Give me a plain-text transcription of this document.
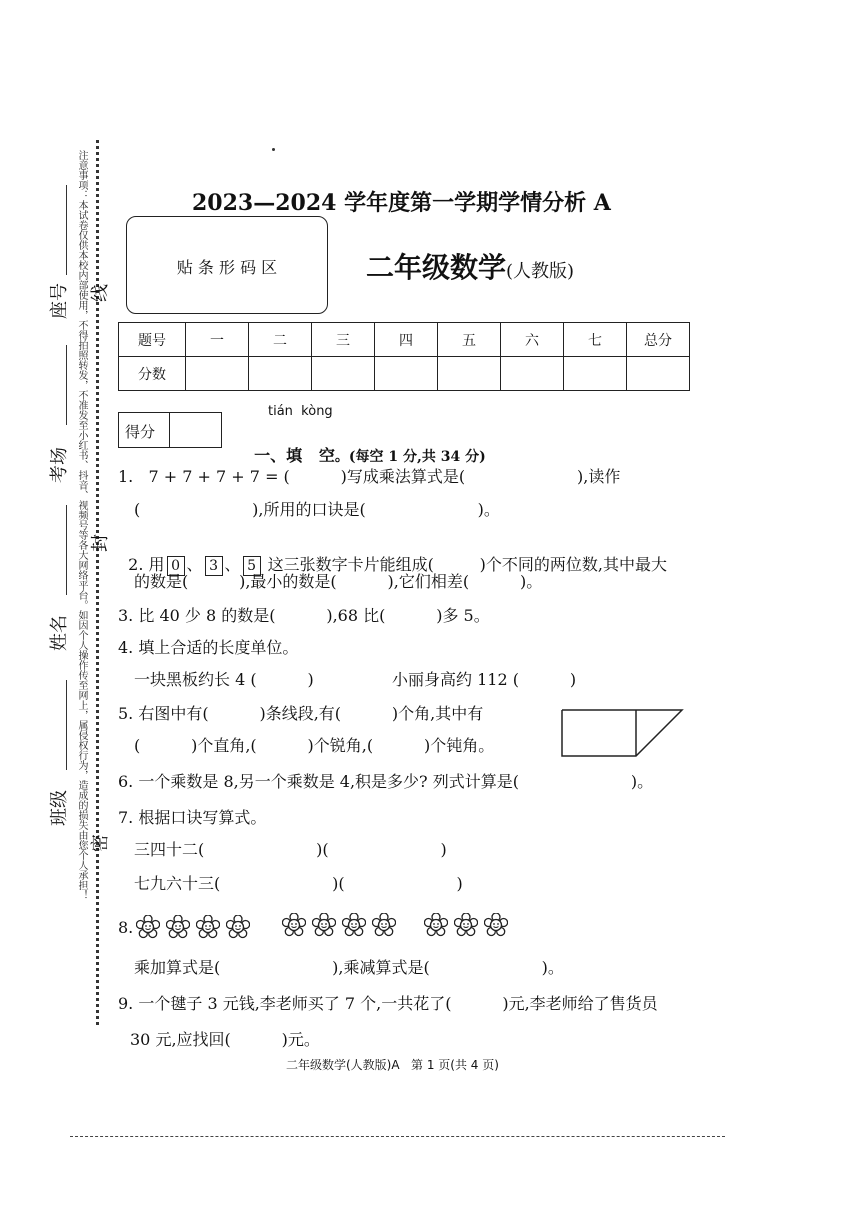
注意事项：本试卷仅供本校内部使用，不得拍照转发，不准发至小红书、抖音、视频号等各大网络平台。如因个人操作传至网上，属侵权行为，造成的损失由您个人承担！
座号 线
考场
封
姓名
班级
密
2023—2024 学年度第一学期学情分析 A
贴 条 形 码 区	二年级数学(人教版)
题号	一	二	三	四	五	六	七	总分
分数								
得分
tián  kòng

一、填   空。(每空 1 分,共 34 分)

1.   7 + 7 + 7 + 7 = (          )写成乘法算式是(                      ),读作
(                      ),所用的口诀是(                      )。

2. 用 0 、 3 、 5 这三张数字卡片能组成(         )个不同的两位数,其中最大

的数是(          ),最小的数是(          ),它们相差(          )。
3. 比 40 少 8 的数是(          ),68 比(          )多 5。
4. 填上合适的长度单位。
一块黑板约长 4 (          )	小丽身高约 112 (          )
5. 右图中有(          )条线段,有(          )个角,其中有
(          )个直角,(          )个锐角,(          )个钝角。
6. 一个乘数是 8,另一个乘数是 4,积是多少? 列式计算是(                      )。
7. 根据口诀写算式。
三四十二(                      )(                      )
七九六十三(                      )(                      )
8.
乘加算式是(                      ),乘减算式是(                      )。
9. 一个毽子 3 元钱,李老师买了 7 个,一共花了(          )元,李老师给了售货员
30 元,应找回(          )元。
二年级数学(人教版)A   第 1 页(共 4 页)
